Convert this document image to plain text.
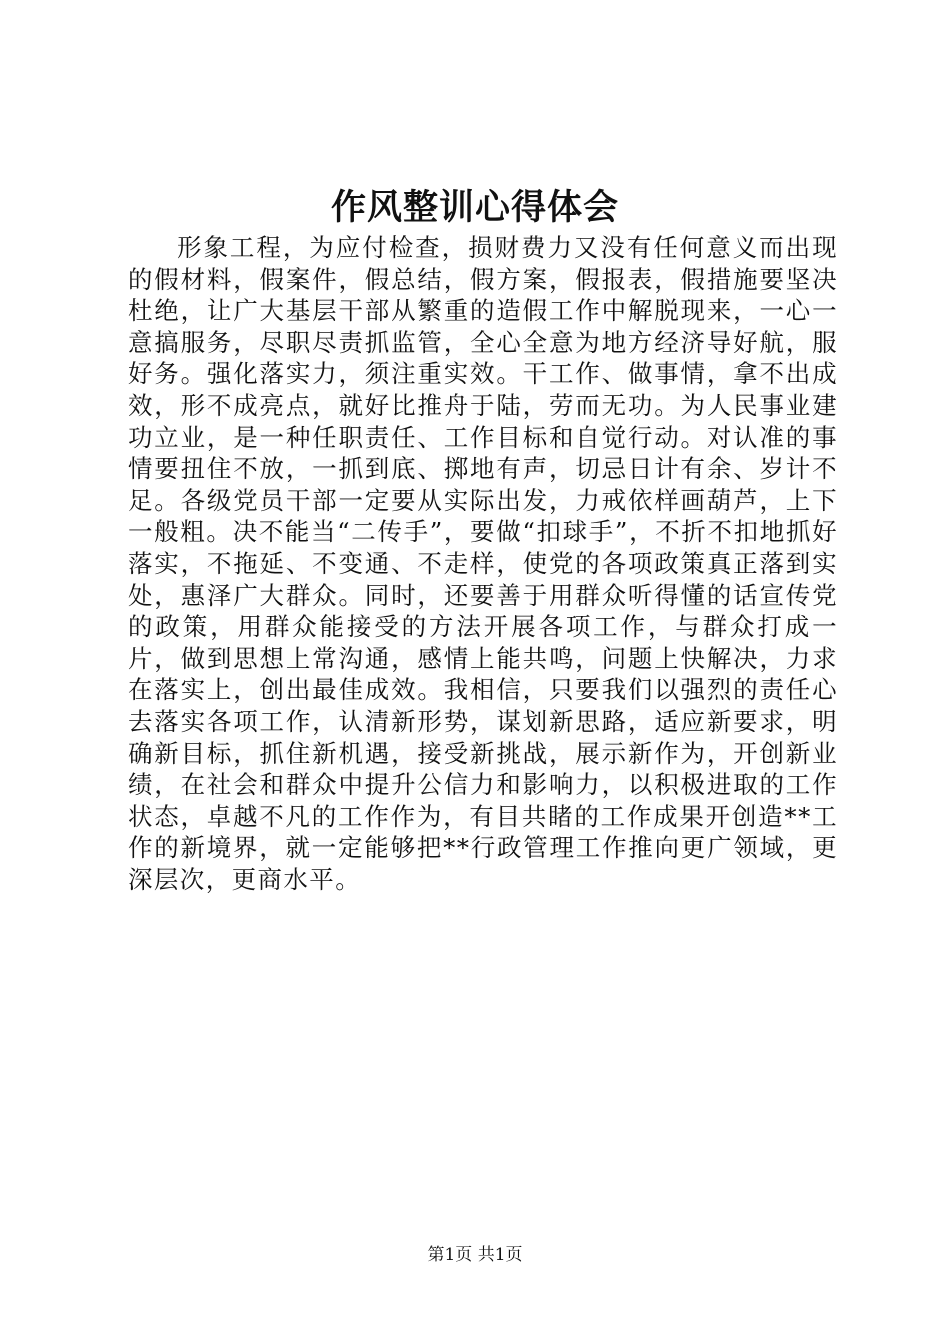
作风整训心得体会

形象工程，为应付检查，损财费力又没有任何意义而出现的假材料，假案件，假总结，假方案，假报表，假措施要坚决杜绝，让广大基层干部从繁重的造假工作中解脱现来，一心一意搞服务，尽职尽责抓监管，全心全意为地方经济导好航，服好务。强化落实力，须注重实效。干工作、做事情，拿不出成效，形不成亮点，就好比推舟于陆，劳而无功。为人民事业建功立业，是一种任职责任、工作目标和自觉行动。对认准的事情要扭住不放，一抓到底、掷地有声，切忌日计有余、岁计不足。各级党员干部一定要从实际出发，力戒依样画葫芦，上下一般粗。决不能当“二传手”，要做“扣球手”，不折不扣地抓好落实，不拖延、不变通、不走样，使党的各项政策真正落到实处，惠泽广大群众。同时，还要善于用群众听得懂的话宣传党的政策，用群众能接受的方法开展各项工作，与群众打成一片，做到思想上常沟通，感情上能共鸣，问题上快解决，力求在落实上，创出最佳成效。我相信，只要我们以强烈的责任心去落实各项工作，认清新形势，谋划新思路，适应新要求，明确新目标，抓住新机遇，接受新挑战，展示新作为，开创新业绩，在社会和群众中提升公信力和影响力，以积极进取的工作状态，卓越不凡的工作作为，有目共睹的工作成果开创造**工作的新境界，就一定能够把**行政管理工作推向更广领域，更深层次，更商水平。

第1页 共1页
